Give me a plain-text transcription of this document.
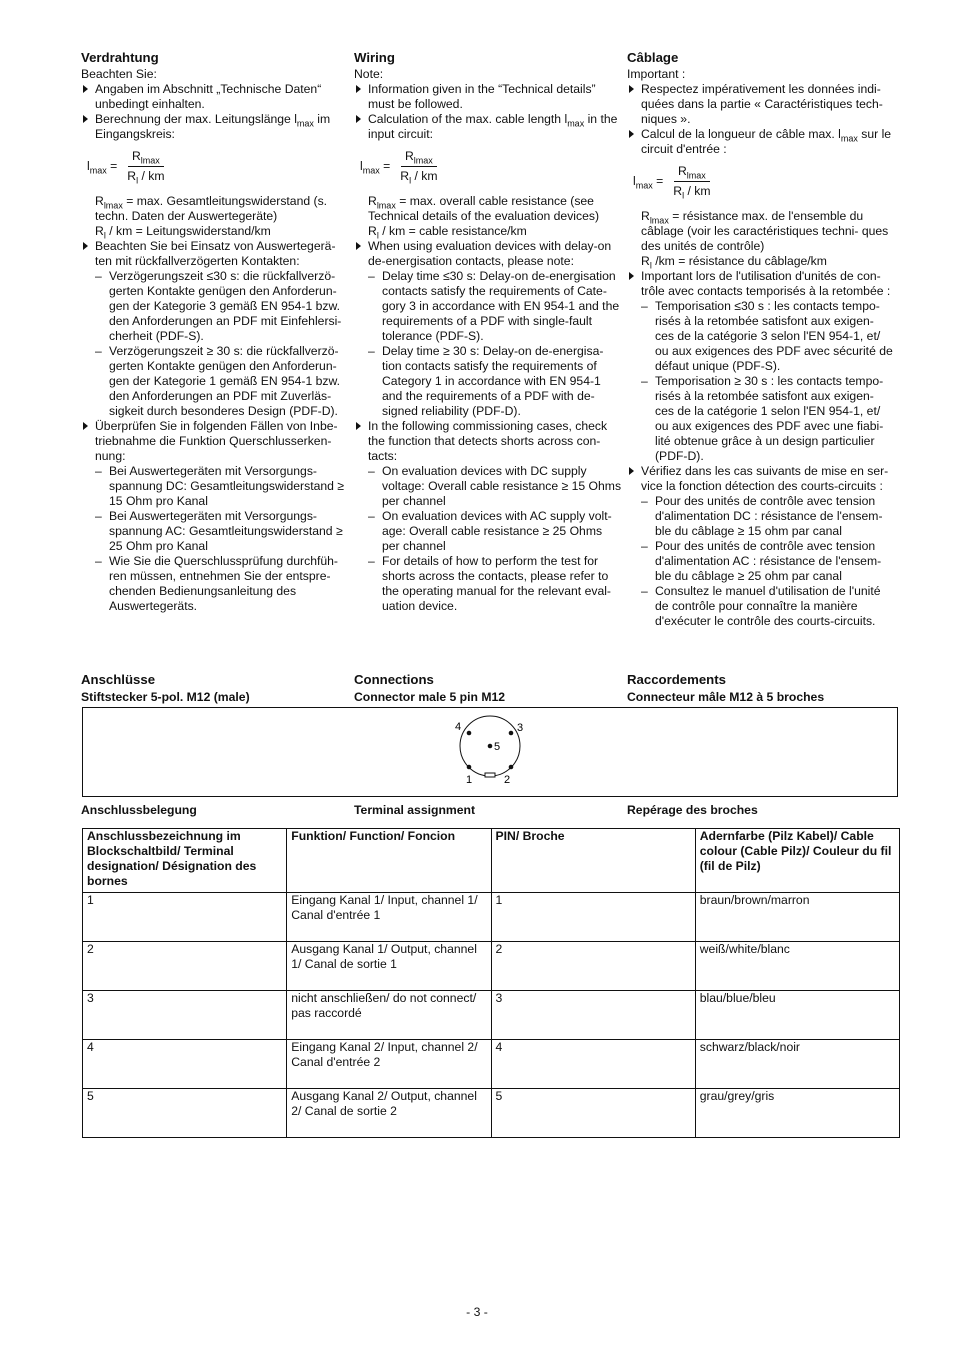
Verdrahtung

Beachten Sie:

Angaben im Abschnitt „Technische Daten“ unbedingt einhalten.
Berechnung der max. Leitungslänge $l_{max}$ im Eingangskreis:
$l_{max} = \frac{R_{lmax}}{R_l / km}$

$R_{lmax} = \max$. Gesamtleitungswiderstand (s. techn. Daten der Auswertegeräte)

$R_l$ / km = Leitungswiderstand/km

Beachten Sie bei Einsatz von Auswertegerä- ten mit rückfallverzögerten Kontakten:
– Verzögerungszeit ≤30 s: die rückfallverzö- gerten Kontakte genügen den Anforderun- gen der Kategorie 3 gemäß EN 954-1 bzw. den Anforderungen an PDF mit Einfehlersi- cherheit (PDF-S).
– Verzögerungszeit ≥ 30 s: die rückfallverzö- gerten Kontakte genügen den Anforderun- gen der Kategorie 1 gemäß EN 954-1 bzw. den Anforderungen an PDF mit Zuverläs- sigkeit durch besonderes Design (PDF-D).
Überprüfen Sie in folgenden Fällen von Inbe- triebnahme die Funktion Querschlusserken- nung:
– Bei Auswertegeräten mit Versorgungs- spannung DC: Gesamtleitungswiderstand ≥ 15 Ohm pro Kanal
– Bei Auswertegeräten mit Versorgungs- spannung AC: Gesamtleitungswiderstand ≥ 25 Ohm pro Kanal
– Wie Sie die Querschlussprüfung durchfüh- ren müssen, entnehmen Sie der entspre- chenden Bedienungsanleitung des Auswertegeräts.
Wiring

Note:

Information given in the “Technical details” must be followed.
Calculation of the max. cable length $l_{max}$ in the input circuit:
$l_{max} = \frac{R_{lmax}}{R_l / km}$

$R_{lmax} = \max$. overall cable resistance (see Technical details of the evaluation devices)

$R_l$ / km = cable resistance/km

When using evaluation devices with delay-on de-energisation contacts, please note:
– Delay time ≤30 s: Delay-on de-energisation contacts satisfy the requirements of Cate- gory 3 in accordance with EN 954-1 and the requirements of a PDF with single-fault tolerance (PDF-S).
– Delay time ≥ 30 s: Delay-on de-energisa- tion contacts satisfy the requirements of Category 1 in accordance with EN 954-1 and the requirements of a PDF with de- signed reliability (PDF-D).
In the following commissioning cases, check the function that detects shorts across con- tacts:
– On evaluation devices with DC supply voltage: Overall cable resistance ≥ 15 Ohms per channel
– On evaluation devices with AC supply volt- age: Overall cable resistance ≥ 25 Ohms per channel
– For details of how to perform the test for shorts across the contacts, please refer to the operating manual for the relevant eval- uation device.
Câblage

Important :

Respectez impérativement les données indi- quées dans la partie « Caractéristiques tech- niques ».
Calcul de la longueur de câble max. $l_{max}$ sur le circuit d'entrée :
$l_{max} = \frac{R_{lmax}}{R_l / km}$

$R_{lmax}$ = résistance max. de l'ensemble du câblage (voir les caractéristiques techni- ques des unités de contrôle)

$R_l$ /km = résistance du câblage/km

Important lors de l'utilisation d'unités de con- trôle avec contacts temporisés à la retombée :
– Temporisation ≤30 s : les contacts tempo- risés à la retombée satisfont aux exigen- ces de la catégorie 3 selon l'EN 954-1, et/ ou aux exigences des PDF avec sécurité de défaut unique (PDF-S).
– Temporisation ≥ 30 s : les contacts tempo- risés à la retombée satisfont aux exigen- ces de la catégorie 1 selon l'EN 954-1, et/ ou aux exigences des PDF avec une fiabi- lité obtenue grâce à un design particulier (PDF-D).
Vérifiez dans les cas suivants de mise en ser- vice la fonction détection des courts-circuits :
– Pour des unités de contrôle avec tension d'alimentation DC : résistance de l'ensem- ble du câblage ≥ 15 ohm par canal
– Pour des unités de contrôle avec tension d'alimentation AC : résistance de l'ensem- ble du câblage ≥ 25 ohm par canal
– Consultez le manuel d'utilisation de l'unité de contrôle pour connaître la manière d'exécuter le contrôle des courts-circuits.
Anschlüsse
Stiftstecker 5-pol. M12 (male)
Connections
Connector male 5 pin M12
Raccordements
Connecteur mâle M12 à 5 broches
4	3
5
1	2
Anschlussbelegung	Terminal assignment	Repérage des broches
Anschlussbezeichnung im Blockschaltbild/ Terminal designation/ Désignation des bornes	Funktion/ Function/ Foncion	PIN/ Broche	Adernfarbe (Pilz Kabel)/ Cable colour (Cable Pilz)/ Couleur du fil (fil de Pilz)
1	Eingang Kanal 1/ Input, channel 1/ Canal d'entrée 1	1	braun/brown/marron
2	Ausgang Kanal 1/ Output, channel 1/ Canal de sortie 1	2	weiß/white/blanc
3	nicht anschließen/ do not connect/ pas raccordé	3	blau/blue/bleu
4	Eingang Kanal 2/ Input, channel 2/ Canal d'entrée 2	4	schwarz/black/noir
5	Ausgang Kanal 2/ Output, channel 2/ Canal de sortie 2	5	grau/grey/gris
- 3 -
